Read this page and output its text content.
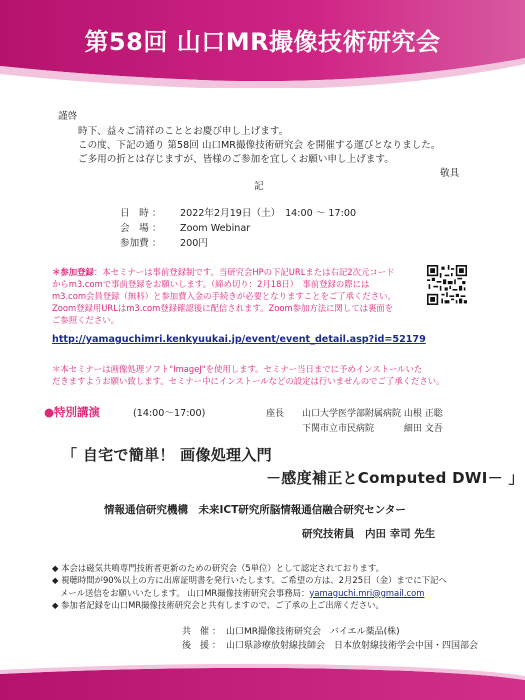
第58回 山口MR撮像技術研究会
謹啓
時下、益々ご清祥のこととお慶び申し上げます。
この度、下記の通り 第58回 山口MR撮像技術研究会 を開催する運びとなりました。
ご多用の折とは存じますが、皆様のご参加を宜しくお願い申し上げます。
敬具
記
日　時 ： 2022年2月19日（土）　14:00 ～ 17:00
会　場 ： Zoom Webinar
参加費 ： 200円
＊参加登録：本セミナーは事前登録制です。当研究会HPの下記URLまたは右記2次元コード
からm3.comで事前登録をお願いします。（締め切り：2月18日）　事前登録の際には
m3.com会員登録（無料）と参加費入金の手続きが必要となりますことをご了承ください。
Zoom登録用URLはm3.com登録確認後に配信されます。Zoom参加方法に関しては裏面を
ご参照ください。
http://yamaguchimri.kenkyuukai.jp/event/event_detail.asp?id=52179
＊本セミナーは画像処理ソフト"ImageJ"を使用します。セミナー当日までに予めインストールいた
だきますようお願い致します。セミナー中にインストールなどの設定は行いませんのでご了承ください。
●特別講演	(14:00～17:00)	座長 山口大学医学部附属病院 山根 正聡
下関市立市民病院　　　 細田 文吾
「 自宅で簡単！ 画像処理入門
－感度補正とComputed DWI－ 」
情報通信研究機構　未来ICT研究所脳情報通信融合研究センター
研究技術員　内田 幸司 先生
◆ 本会は磁気共鳴専門技術者更新のための研究会（5単位）として認定されております。
◆ 視聴時間が90%以上の方に出席証明書を発行いたします。ご希望の方は、2月25日（金）までに下記へ
メール送信をお願いいたします。 山口MR撮像技術研究会事務局：yamaguchi.mri@gmail.com
◆ 参加者記録を山口MR撮像技術研究会と共有しますので、ご了承の上ご出席ください。
共　催 ： 山口MR撮像技術研究会　バイエル薬品(株)
後　援 ： 山口県診療放射線技師会　日本放射線技術学会中国・四国部会
